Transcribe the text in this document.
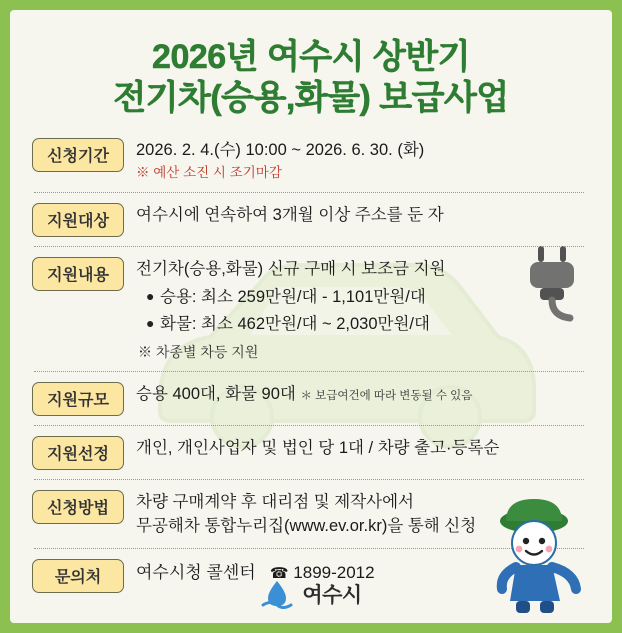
2026년 여수시 상반기
전기차(승용,화물) 보급사업
신청기간	2026. 2. 4.(수) 10:00 ~ 2026. 6. 30. (화)
※ 예산 소진 시 조기마감
지원대상	여수시에 연속하여 3개월 이상 주소를 둔 자
지원내용	전기차(승용,화물) 신규 구매 시 보조금 지원
● 승용: 최소 259만원/대 - 1,101만원/대
● 화물: 최소 462만원/대 ~ 2,030만원/대
※ 차종별 차등 지원
지원규모	승용 400대, 화물 90대 ＊ 보급여건에 따라 변동될 수 있음
지원선정	개인, 개인사업자 및 법인 당 1대 / 차량 출고·등록순
신청방법	차량 구매계약 후 대리점 및 제작사에서
무공해차 통합누리집(www.ev.or.kr)을 통해 신청
문의처	여수시청 콜센터 ☎ 1899-2012
여수시
